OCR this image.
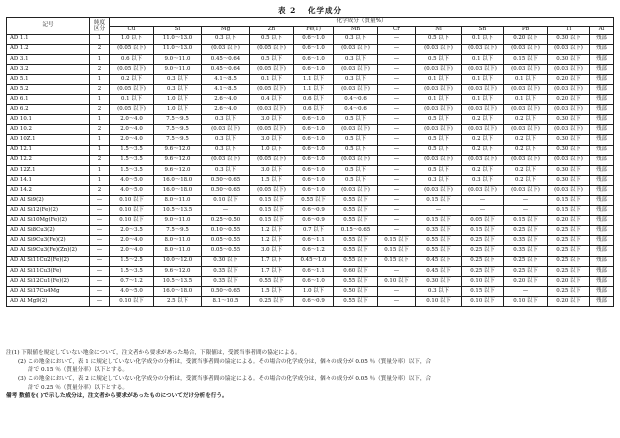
表 2 化学成分
記号	純度
区分	化学成分（質量%）											
		Cu	Si	Mg	Zn	Fe(1)	Mn	Cr	Ni	Sn	Pb	Ti	Al
AD 1.1	1	1.0 以下	11.0～13.0	0.3 以下	0.5 以下	0.6～1.0	0.3 以下	—	0.5 以下	0.1 以下	0.20 以下	0.30 以下	残部
AD 1.2	2	(0.05 以下)	11.0～13.0	(0.03 以下)	(0.05 以下)	0.6～1.0	(0.03 以下)	—	(0.03 以下)	(0.03 以下)	(0.03 以下)	(0.03 以下)	残部
AD 3.1	1	0.6 以下	9.0～11.0	0.45～0.64	0.5 以下	0.6～1.0	0.3 以下	—	0.5 以下	0.1 以下	0.15 以下	0.30 以下	残部
AD 3.2	2	(0.05 以下)	9.0～11.0	0.45～0.64	(0.05 以下)	0.6～1.0	(0.03 以下)	—	(0.03 以下)	(0.03 以下)	(0.03 以下)	(0.03 以下)	残部
AD 5.1	1	0.2 以下	0.3 以下	4.1～8.5	0.1 以下	1.1 以下	0.3 以下	—	0.1 以下	0.1 以下	0.1 以下	0.20 以下	残部
AD 5.2	2	(0.05 以下)	0.3 以下	4.1～8.5	(0.05 以下)	1.1 以下	(0.03 以下)	—	(0.03 以下)	(0.03 以下)	(0.03 以下)	(0.03 以下)	残部
AD 6.1	1	0.1 以下	1.0 以下	2.6～4.0	0.4 以下	0.6 以下	0.4～0.6	—	0.1 以下	0.1 以下	0.1 以下	0.20 以下	残部
AD 6.2	2	(0.05 以下)	1.0 以下	2.6～4.0	(0.03 以下)	0.6 以下	0.4～0.6	—	(0.03 以下)	(0.03 以下)	(0.03 以下)	(0.03 以下)	残部
AD 10.1	1	2.0～4.0	7.5～9.5	0.3 以下	3.0 以下	0.6～1.0	0.5 以下	—	0.5 以下	0.2 以下	0.2 以下	0.30 以下	残部
AD 10.2	2	2.0～4.0	7.5～9.5	(0.03 以下)	(0.05 以下)	0.6～1.0	(0.03 以下)	—	(0.03 以下)	(0.03 以下)	(0.03 以下)	(0.03 以下)	残部
AD 10Z.1	1	2.0～4.0	7.5～9.5	0.3 以下	3.0 以下	0.6～1.0	0.5 以下	—	0.5 以下	0.2 以下	0.2 以下	0.30 以下	残部
AD 12.1	1	1.5～3.5	9.6～12.0	0.3 以下	1.0 以下	0.6～1.0	0.5 以下	—	0.5 以下	0.2 以下	0.2 以下	0.30 以下	残部
AD 12.2	2	1.5～3.5	9.6～12.0	(0.03 以下)	(0.05 以下)	0.6～1.0	(0.03 以下)	—	(0.03 以下)	(0.03 以下)	(0.03 以下)	(0.03 以下)	残部
AD 12Z.1	1	1.5～3.5	9.6～12.0	0.3 以下	3.0 以下	0.6～1.0	0.5 以下	—	0.5 以下	0.2 以下	0.2 以下	0.30 以下	残部
AD 14.1	1	4.0～5.0	16.0～18.0	0.50～0.65	1.5 以下	0.6～1.0	0.5 以下	—	0.3 以下	0.3 以下	0.2 以下	0.30 以下	残部
AD 14.2	2	4.0～5.0	16.0～18.0	0.50～0.65	(0.05 以下)	0.6～1.0	(0.03 以下)	—	(0.03 以下)	(0.03 以下)	(0.03 以下)	(0.03 以下)	残部
AD Al Si9(2)	—	0.10 以下	8.0～11.0	0.10 以下	0.15 以下	0.55 以下	0.55 以下	—	0.15 以下	—	—	0.15 以下	残部
AD Al Si12(Fe)(2)	—	0.10 以下	10.5～13.5	—	0.15 以下	0.6～0.9	0.55 以下	—	—	—	—	0.15 以下	残部
AD Al Si10Mg(Fe)(2)	—	0.10 以下	9.0～11.0	0.25～0.50	0.15 以下	0.6～0.9	0.55 以下	—	0.15 以下	0.05 以下	0.15 以下	0.20 以下	残部
AD Al Si8Cu3(2)	—	2.0～3.5	7.5～9.5	0.10～0.55	1.2 以下	0.7 以下	0.15～0.65	—	0.35 以下	0.15 以下	0.25 以下	0.25 以下	残部
AD Al Si9Cu3(Fe)(2)	—	2.0～4.0	8.0～11.0	0.05～0.55	1.2 以下	0.6～1.1	0.55 以下	0.15 以下	0.55 以下	0.25 以下	0.35 以下	0.25 以下	残部
AD Al Si9Cu3(Fe)(Zn)(2)	—	2.0～4.0	8.0～11.0	0.05～0.55	3.0 以下	0.6～1.2	0.55 以下	0.15 以下	0.55 以下	0.25 以下	0.35 以下	0.25 以下	残部
AD Al Si11Cu2(Fe)(2)	—	1.5～2.5	10.0～12.0	0.30 以下	1.7 以下	0.45～1.0	0.55 以下	0.15 以下	0.45 以下	0.25 以下	0.25 以下	0.25 以下	残部
AD Al Si11Cu3(Fe)	—	1.5～3.5	9.6～12.0	0.35 以下	1.7 以下	0.6～1.1	0.60 以下	—	0.45 以下	0.25 以下	0.25 以下	0.25 以下	残部
AD Al Si12Cu1(Fe)(2)	—	0.7～1.2	10.5～13.5	0.35 以下	0.55 以下	0.6～1.0	0.55 以下	0.10 以下	0.30 以下	0.10 以下	0.20 以下	0.20 以下	残部
AD Al Si17Cu4Mg	—	4.0～5.0	16.0～18.0	0.50～0.65	1.5 以下	1.0 以下	0.50 以下	—	0.3 以下	0.15 以下	—	0.25 以下	残部
AD Al Mg9(2)	—	0.10 以下	2.5 以下	8.1～10.5	0.25 以下	0.6～0.9	0.55 以下	—	0.10 以下	0.10 以下	0.10 以下	0.20 以下	残部
注(1) 下限値を規定していない地金について，注文者から要求があった場合，下限値は，受渡当事者間の協定による。
(2) この地金において，表 1 に規定していない化学成分の分析は，受渡当事者間の協定による。その場合の化学成分は，個々の成分が 0.05 ％（質量分率）以下，合
計で 0.15 ％（質量分率）以下とする。
(3) この地金において，表 2 に規定していない化学成分の分析は，受渡当事者間の協定による。その場合の化学成分は，個々の成分が 0.05 ％（質量分率）以下，合
計で 0.25 ％（質量分率）以下とする。
備考 数値を( )で示した成分は，注文者から要求があったものについてだけ分析を行う。
